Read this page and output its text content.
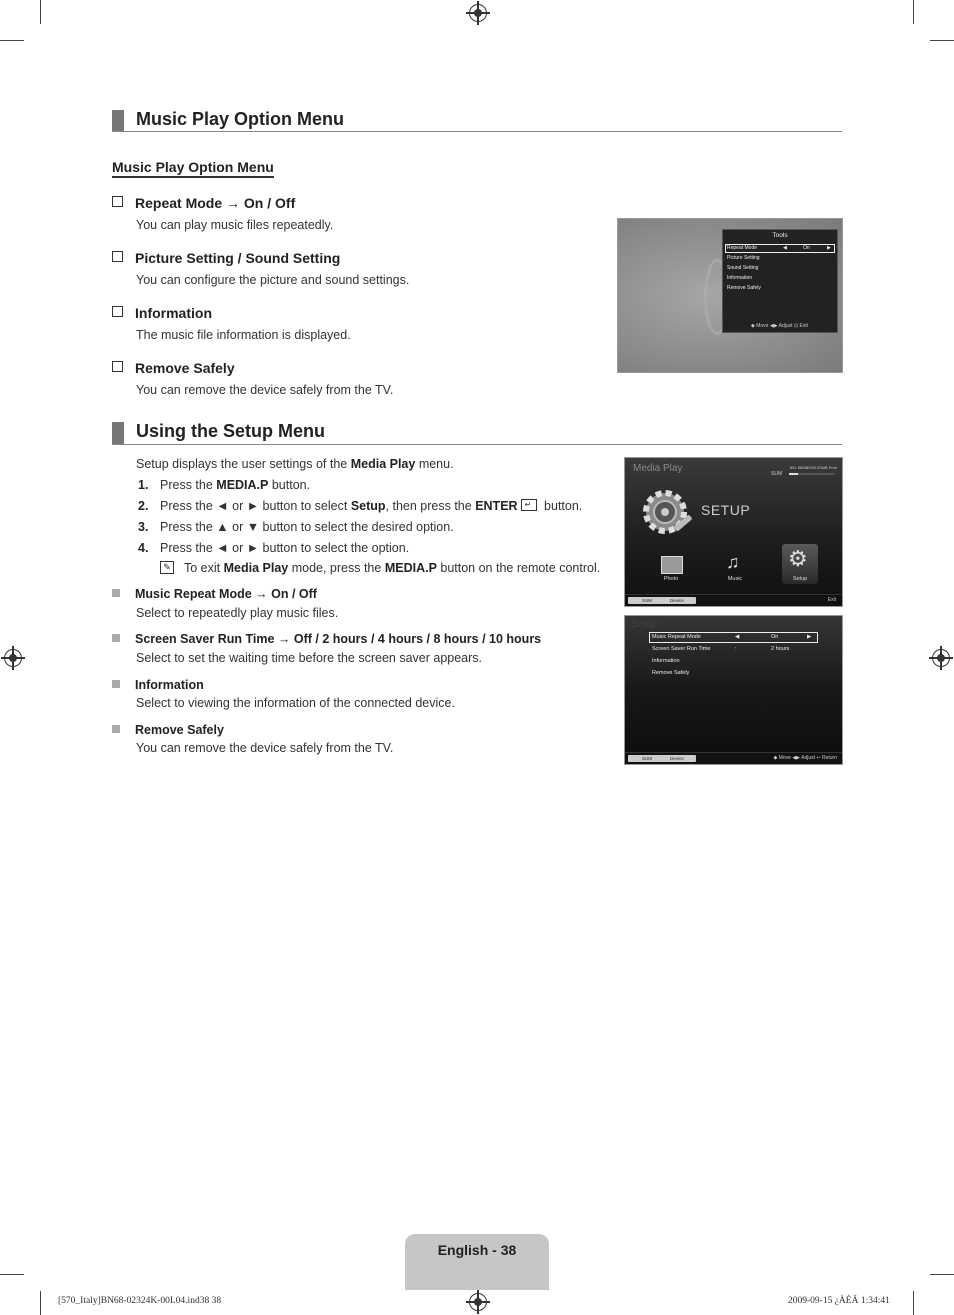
Music Play Option Menu
Music Play Option Menu
Repeat Mode → On / Off
You can play music files repeatedly.
Picture Setting / Sound Setting
You can configure the picture and sound settings.
Information
The music file information is displayed.
Remove Safely
You can remove the device safely from the TV.
Tools
Repeat Mode	◀	On	▶
Picture Setting
Sound Setting
Information
Remove Safely
◆ Move ◀▶ Adjust ⊡ Exit
Using the Setup Menu
Setup displays the user settings of the Media Play menu.
1. Press the MEDIA.P button.
2. Press the ◄ or ► button to select Setup, then press the ENTER ↵ button.
3. Press the ▲ or ▼ button to select the desired option.
4. Press the ◄ or ► button to select the option.
✎ To exit Media Play mode, press the MEDIA.P button on the remote control.
Music Repeat Mode → On / Off
Select to repeatedly play music files.
Screen Saver Run Time → Off / 2 hours / 4 hours / 8 hours / 10 hours
Select to set the waiting time before the screen saver appears.
Information
Select to viewing the information of the connected device.
Remove Safely
You can remove the device safely from the TV.
Media Play	SUM
851.86MB/993.02MB Free
SETUP
Photo
♫
Music
⚙
Setup
SUM	Device	Exit
Setup
Music Repeat Mode	◀	On	▶
Screen Saver Run Time	:	2 hours
Information
Remove Safely
SUM	Device	◆ Move ◀▶ Adjust ↩ Return
English - 38
[570_Italy]BN68-02324K-00L04.ind38 38	2009-09-15 ¿ÀÈÄ 1:34:41
